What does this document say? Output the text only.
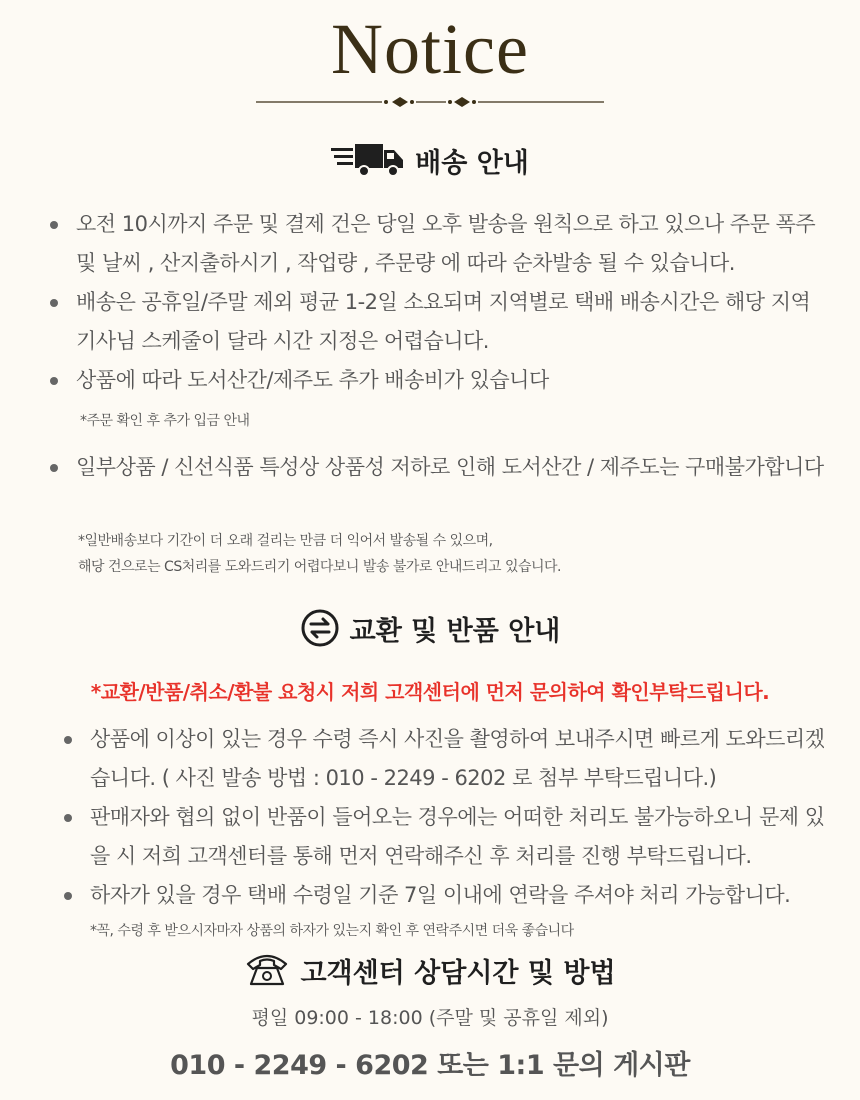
Notice
배송 안내
오전 10시까지 주문 및 결제 건은 당일 오후 발송을 원칙으로 하고 있으나 주문 폭주 및 날씨 , 산지출하시기 , 작업량 , 주문량 에 따라 순차발송 될 수 있습니다.
배송은 공휴일/주말 제외 평균 1-2일 소요되며 지역별로 택배 배송시간은 해당 지역 기사님 스케줄이 달라 시간 지정은 어렵습니다.
상품에 따라 도서산간/제주도 추가 배송비가 있습니다
*주문 확인 후 추가 입금 안내
일부상품 / 신선식품 특성상 상품성 저하로 인해 도서산간 / 제주도는 구매불가합니다
*일반배송보다 기간이 더 오래 걸리는 만큼 더 익어서 발송될 수 있으며,
해당 건으로는 CS처리를 도와드리기 어렵다보니 발송 불가로 안내드리고 있습니다.
교환 및 반품 안내
*교환/반품/취소/환불 요청시 저희 고객센터에 먼저 문의하여 확인부탁드립니다.
상품에 이상이 있는 경우 수령 즉시 사진을 촬영하여 보내주시면 빠르게 도와드리겠습니다. ( 사진 발송 방법 : 010 - 2249 - 6202 로 첨부 부탁드립니다.)
판매자와 협의 없이 반품이 들어오는 경우에는 어떠한 처리도 불가능하오니 문제 있을 시 저희 고객센터를 통해 먼저 연락해주신 후 처리를 진행 부탁드립니다.
하자가 있을 경우 택배 수령일 기준 7일 이내에 연락을 주셔야 처리 가능합니다.
*꼭, 수령 후 받으시자마자 상품의 하자가 있는지 확인 후 연락주시면 더욱 좋습니다
고객센터 상담시간 및 방법
평일 09:00 - 18:00 (주말 및 공휴일 제외)
010 - 2249 - 6202 또는 1:1 문의 게시판
